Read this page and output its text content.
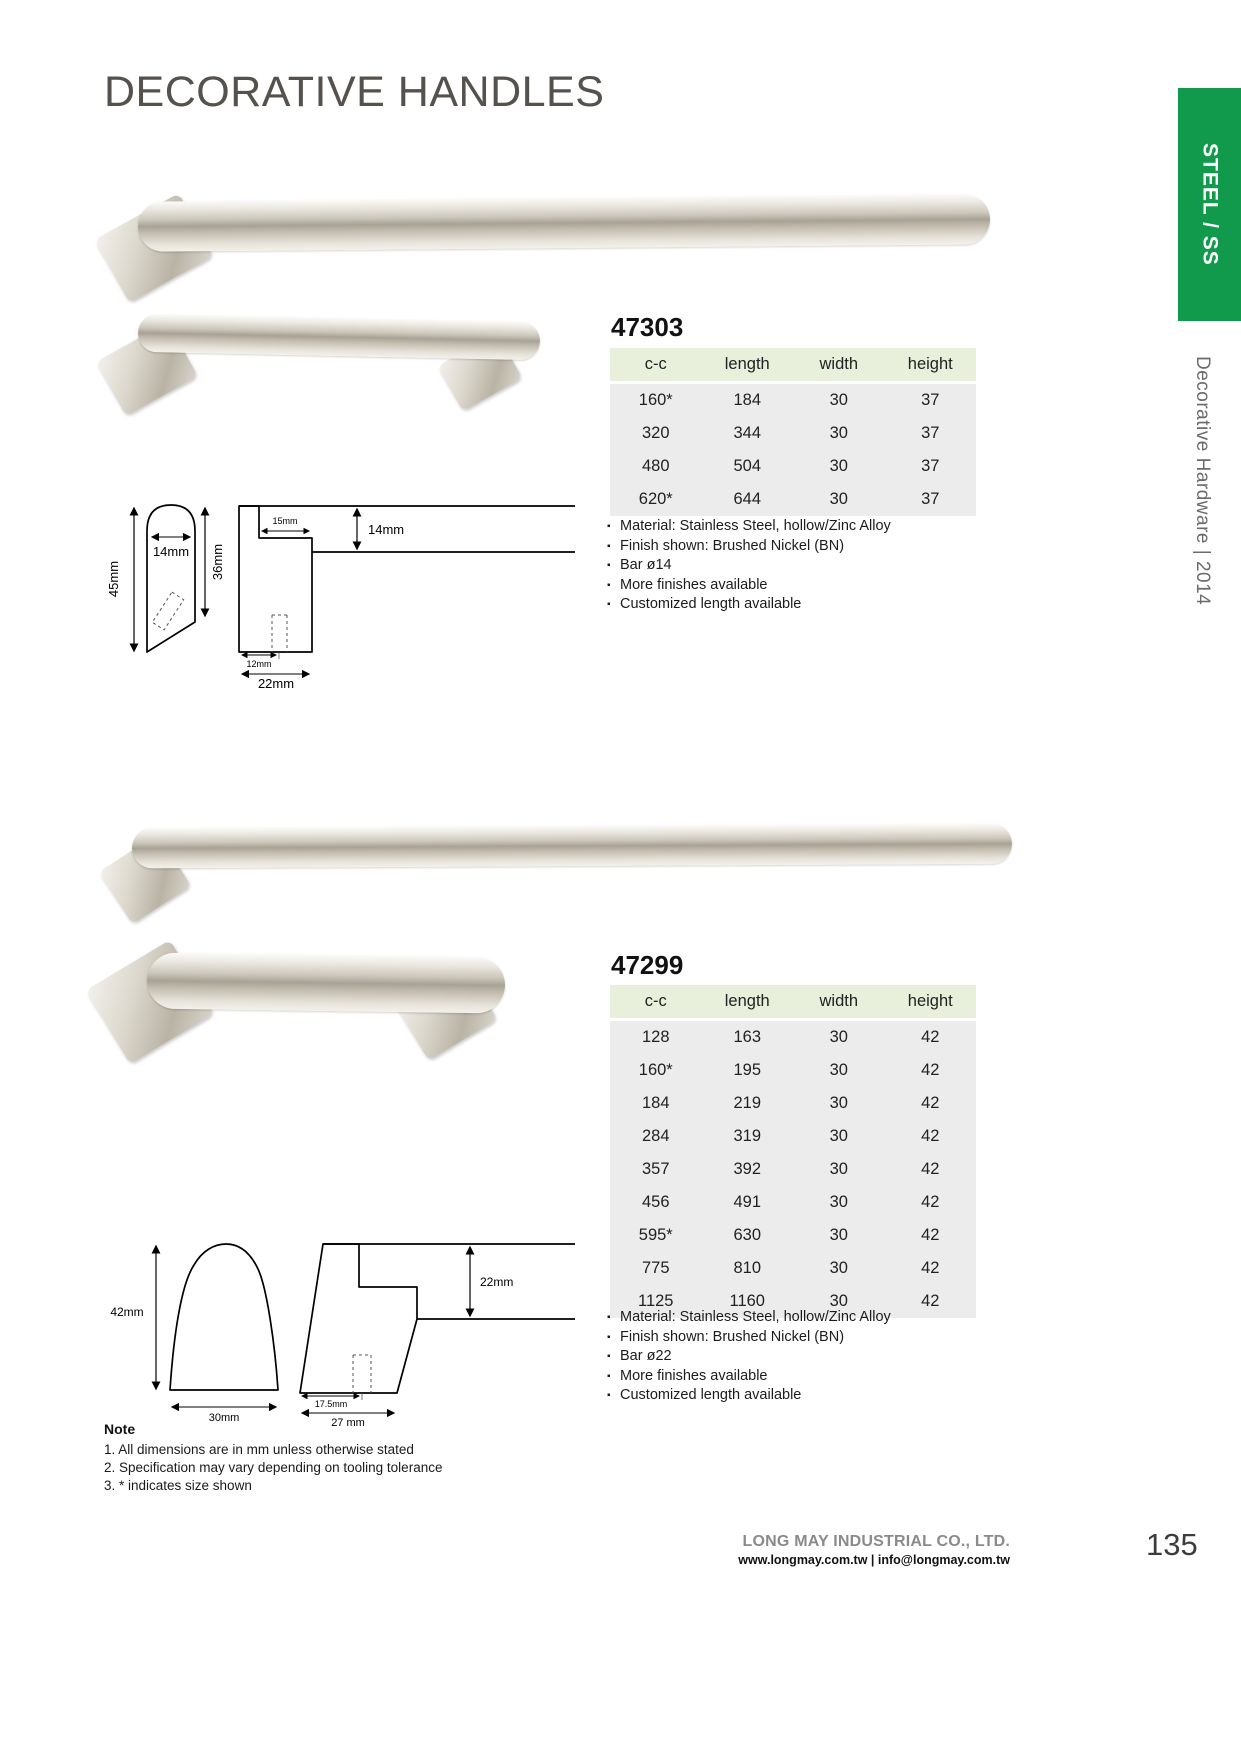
DECORATIVE HANDLES
STEEL / SS
Decorative Hardware | 2014
47303
c-c	length	width	height
160*	184	30	37
320	344	30	37
480	504	30	37
620*	644	30	37
▪ Material: Stainless Steel, hollow/Zinc Alloy
▪ Finish shown: Brushed Nickel (BN)
▪ Bar ø14
▪ More finishes available
▪ Customized length available
45mm
14mm 36mm
15mm
14mm
12mm
22mm
47299
c-c	length	width	height
128	163	30	42
160*	195	30	42
184	219	30	42
284	319	30	42
357	392	30	42
456	491	30	42
595*	630	30	42
775	810	30	42
1125	1160	30	42
▪ Material: Stainless Steel, hollow/Zinc Alloy
▪ Finish shown: Brushed Nickel (BN)
▪ Bar ø22
▪ More finishes available
▪ Customized length available
42mm
30mm
22mm
17.5mm
27 mm
Note
1. All dimensions are in mm unless otherwise stated
2. Specification may vary depending on tooling tolerance
3. * indicates size shown
LONG MAY INDUSTRIAL CO., LTD.
www.longmay.com.tw | info@longmay.com.tw	135
